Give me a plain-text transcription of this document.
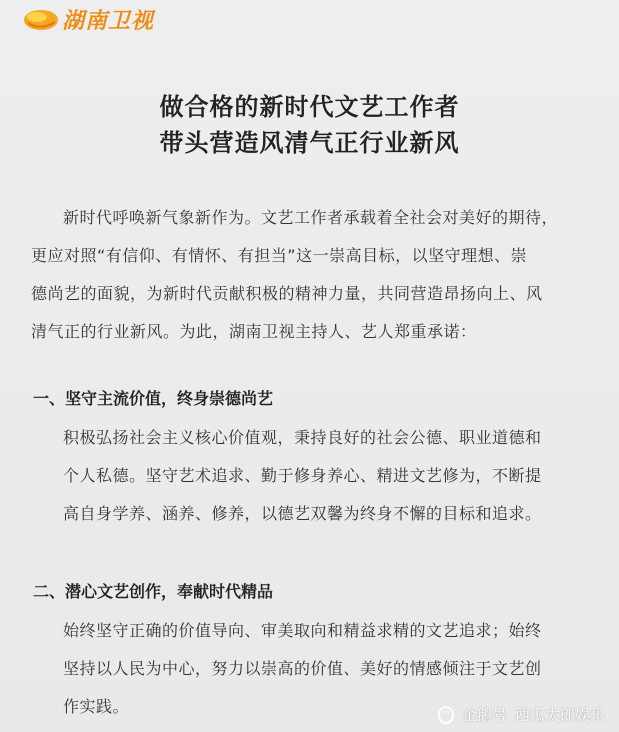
湖南卫视
做合格的新时代文艺工作者
带头营造风清气正行业新风
新时代呼唤新气象新作为。文艺工作者承载着全社会对美好的期待，
更应对照“有信仰、有情怀、有担当”这一崇高目标，以坚守理想、崇
德尚艺的面貌，为新时代贡献积极的精神力量，共同营造昂扬向上、风
清气正的行业新风。为此，湖南卫视主持人、艺人郑重承诺：
一、坚守主流价值，终身崇德尚艺
积极弘扬社会主义核心价值观，秉持良好的社会公德、职业道德和
个人私德。坚守艺术追求、勤于修身养心、精进文艺修为，不断提
高自身学养、涵养、修养，以德艺双馨为终身不懈的目标和追求。
二、潜心文艺创作，奉献时代精品
始终坚守正确的价值导向、审美取向和精益求精的文艺追求；始终
坚持以人民为中心，努力以崇高的价值、美好的情感倾注于文艺创
作实践。	企鹅号 西瓜太郎娱乐
